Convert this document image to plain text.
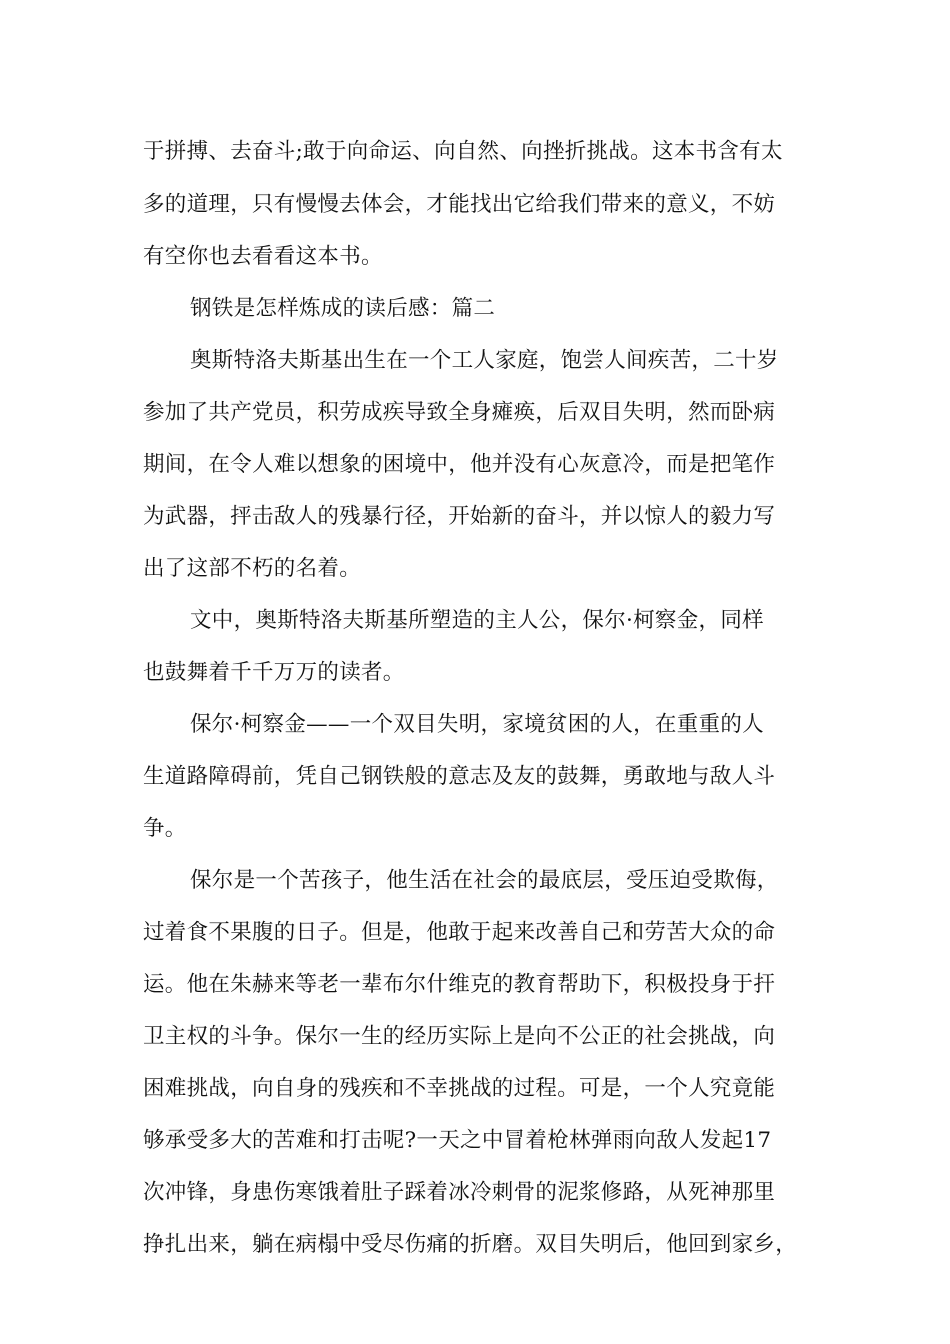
于拼搏、去奋斗;敢于向命运、向自然、向挫折挑战。这本书含有太
多的道理，只有慢慢去体会，才能找出它给我们带来的意义，不妨
有空你也去看看这本书。
钢铁是怎样炼成的读后感：篇二
奥斯特洛夫斯基出生在一个工人家庭，饱尝人间疾苦，二十岁
参加了共产党员，积劳成疾导致全身瘫痪，后双目失明，然而卧病
期间，在令人难以想象的困境中，他并没有心灰意冷，而是把笔作
为武器，抨击敌人的残暴行径，开始新的奋斗，并以惊人的毅力写
出了这部不朽的名着。
文中，奥斯特洛夫斯基所塑造的主人公，保尔·柯察金，同样
也鼓舞着千千万万的读者。
保尔·柯察金——一个双目失明，家境贫困的人，在重重的人
生道路障碍前，凭自己钢铁般的意志及友的鼓舞，勇敢地与敌人斗
争。
保尔是一个苦孩子，他生活在社会的最底层，受压迫受欺侮，
过着食不果腹的日子。但是，他敢于起来改善自己和劳苦大众的命
运。他在朱赫来等老一辈布尔什维克的教育帮助下，积极投身于扞
卫主权的斗争。保尔一生的经历实际上是向不公正的社会挑战，向
困难挑战，向自身的残疾和不幸挑战的过程。可是，一个人究竟能
够承受多大的苦难和打击呢?一天之中冒着枪林弹雨向敌人发起17
次冲锋，身患伤寒饿着肚子踩着冰冷刺骨的泥浆修路，从死神那里
挣扎出来，躺在病榻中受尽伤痛的折磨。双目失明后，他回到家乡，
